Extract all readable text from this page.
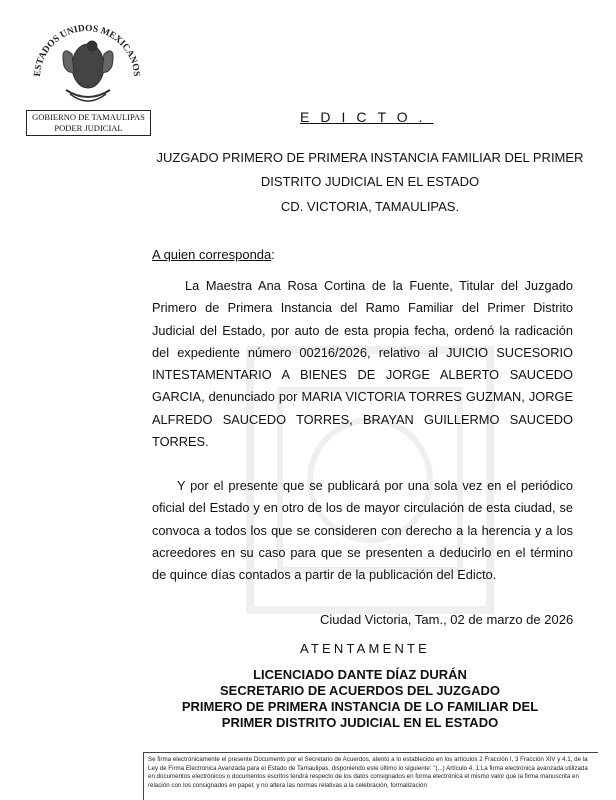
ESTADOS UNIDOS MEXICANOS
GOBIERNO DE TAMAULIPAS
PODER JUDICIAL
EDICTO.
JUZGADO PRIMERO DE PRIMERA INSTANCIA FAMILIAR DEL PRIMER
DISTRITO JUDICIAL EN EL ESTADO
CD. VICTORIA, TAMAULIPAS.
A quien corresponda:
La Maestra Ana Rosa Cortina de la Fuente, Titular del Juzgado Primero de Primera Instancia del Ramo Familiar del Primer Distrito Judicial del Estado, por auto de esta propia fecha, ordenó la radicación del expediente número 00216/2026, relativo al JUICIO SUCESORIO INTESTAMENTARIO A BIENES DE JORGE ALBERTO SAUCEDO GARCIA, denunciado por MARIA VICTORIA TORRES GUZMAN, JORGE ALFREDO SAUCEDO TORRES, BRAYAN GUILLERMO SAUCEDO TORRES.
Y por el presente que se publicará por una sola vez en el periódico oficial del Estado y en otro de los de mayor circulación de esta ciudad, se convoca a todos los que se consideren con derecho a la herencia y a los acreedores en su caso para que se presenten a deducirlo en el término de quince días contados a partir de la publicación del Edicto.
Ciudad Victoria, Tam., 02 de marzo de 2026
ATENTAMENTE
LICENCIADO DANTE DÍAZ DURÁN
SECRETARIO DE ACUERDOS DEL JUZGADO
PRIMERO DE PRIMERA INSTANCIA DE LO FAMILIAR DEL
PRIMER DISTRITO JUDICIAL EN EL ESTADO
Se firma electrónicamente el presente Documento por el Secretario de Acuerdos, atento a lo establecido en los artículos 2 Fracción I, 3 Fracción XIV y 4.1, de la Ley de Firma Electrónica Avanzada para el Estado de Tamaulipas, disponiendo este último lo siguiente: "(...) Artículo 4. 1.La firma electrónica avanzada utilizada en documentos electrónicos o documentos escritos tendrá respecto de los datos consignados en forma electrónica el mismo valor que la firma manuscrita en relación con los consignados en papel; y no altera las normas relativas a la celebración, formalización
